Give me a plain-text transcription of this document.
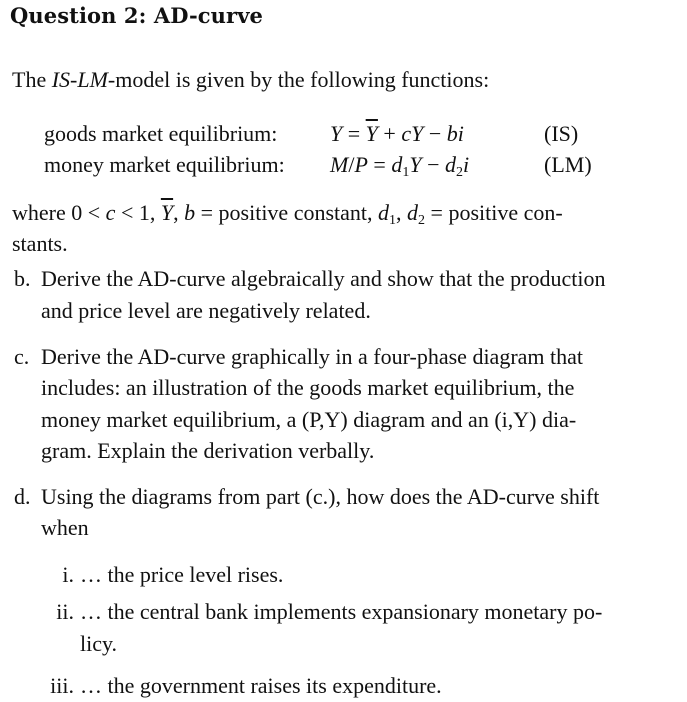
Question 2: AD-curve
The IS-LM-model is given by the following functions:
goods market equilibrium: $Y = \overline{Y}$ + cY − bi	(IS)
money market equilibrium: $M/P = d_1Y - d_2i$	(LM)
where 0 < c < 1, $\overline{Y}$, b = positive constant, $d_1$, $d_2$ = positive con-
stants.
b. Derive the AD-curve algebraically and show that the production
and price level are negatively related.
c. Derive the AD-curve graphically in a four-phase diagram that
includes: an illustration of the goods market equilibrium, the
money market equilibrium, a (P,Y) diagram and an (i,Y) dia-
gram. Explain the derivation verbally.
d. Using the diagrams from part (c.), how does the AD-curve shift
when
i. … the price level rises.
ii. … the central bank implements expansionary monetary po-
licy.
iii. … the government raises its expenditure.
